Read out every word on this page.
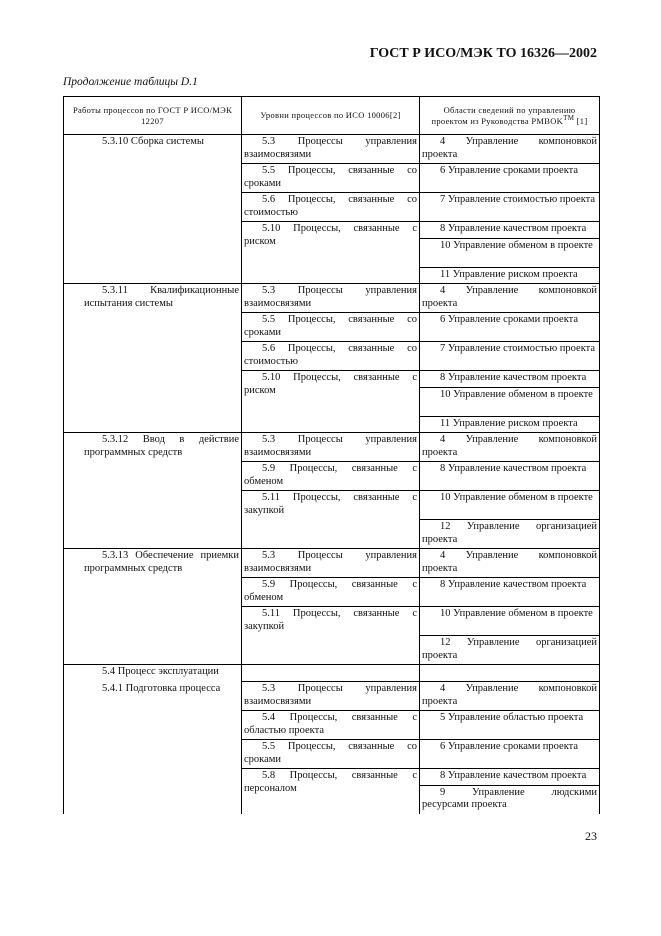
ГОСТ Р ИСО/МЭК ТО 16326—2002
Продолжение таблицы D.1
Работы процессов по ГОСТ Р ИСО/МЭК 12207	Уровни процессов по ИСО 10006[2]	Области сведений по управлению проектом из Руководства PMBOK™ [1]
5.3.10 Сборка системы	5.3 Процессы управления взаимосвязями	4 Управление компоновкой проекта
	5.5 Процессы, связанные со сроками	6 Управление сроками проекта
	5.6 Процессы, связанные со стоимостью	7 Управление стоимостью проекта
	5.10 Процессы, связанные с риском	8 Управление качеством проекта
		10 Управление обменом в проекте
		11 Управление риском проекта
5.3.11 Квалификационные испытания системы	5.3 Процессы управления взаимосвязями	4 Управление компоновкой проекта
	5.5 Процессы, связанные со сроками	6 Управление сроками проекта
	5.6 Процессы, связанные со стоимостью	7 Управление стоимостью проекта
	5.10 Процессы, связанные с риском	8 Управление качеством проекта
		10 Управление обменом в проекте
		11 Управление риском проекта
5.3.12 Ввод в действие программных средств	5.3 Процессы управления взаимосвязями	4 Управление компоновкой проекта
	5.9 Процессы, связанные с обменом	8 Управление качеством проекта
	5.11 Процессы, связанные с закупкой	10 Управление обменом в проекте
		12 Управление организацией проекта
5.3.13 Обеспечение приемки программных средств	5.3 Процессы управления взаимосвязями	4 Управление компоновкой проекта
	5.9 Процессы, связанные с обменом	8 Управление качеством проекта
	5.11 Процессы, связанные с закупкой	10 Управление обменом в проекте
		12 Управление организацией проекта
5.4 Процесс эксплуатации		
5.4.1 Подготовка процесса	5.3 Процессы управления взаимосвязями	4 Управление компоновкой проекта
	5.4 Процессы, связанные с областью проекта	5 Управление областью проекта
	5.5 Процессы, связанные со сроками	6 Управление сроками проекта
	5.8 Процессы, связанные с персоналом	8 Управление качеством проекта
		9 Управление людскими ресурсами проекта
23
